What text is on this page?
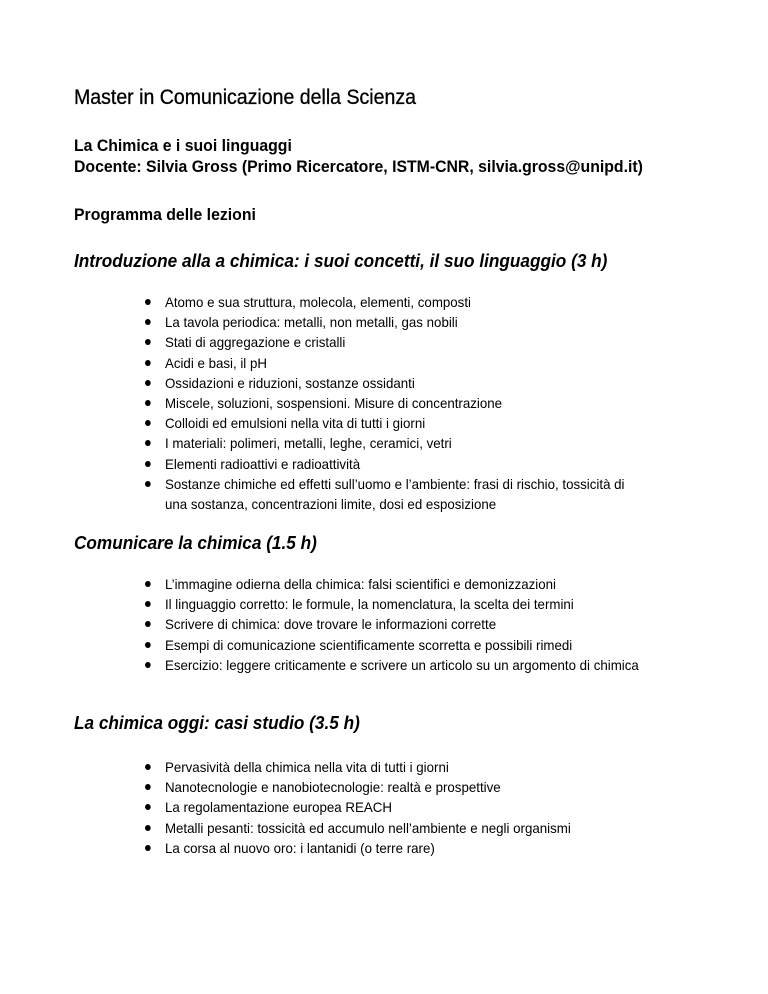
Master in Comunicazione della Scienza
La Chimica e i suoi linguaggi
Docente: Silvia Gross (Primo Ricercatore, ISTM-CNR, silvia.gross@unipd.it)
Programma delle lezioni
Introduzione alla a chimica: i suoi concetti, il suo linguaggio (3 h)
Atomo e sua struttura, molecola, elementi, composti
La tavola periodica: metalli, non metalli, gas nobili
Stati di aggregazione e cristalli
Acidi e basi, il pH
Ossidazioni e riduzioni, sostanze ossidanti
Miscele, soluzioni, sospensioni. Misure di concentrazione
Colloidi ed emulsioni nella vita di tutti i giorni
I materiali: polimeri, metalli, leghe, ceramici, vetri
Elementi radioattivi e radioattività
Sostanze chimiche ed effetti sull’uomo e l’ambiente: frasi di rischio, tossicità di
una sostanza, concentrazioni limite, dosi ed esposizione
Comunicare la chimica (1.5 h)
L’immagine odierna della chimica: falsi scientifici e demonizzazioni
Il linguaggio corretto: le formule, la nomenclatura, la scelta dei termini
Scrivere di chimica: dove trovare le informazioni corrette
Esempi di comunicazione scientificamente scorretta e possibili rimedi
Esercizio: leggere criticamente e scrivere un articolo su un argomento di chimica
La chimica oggi: casi studio (3.5 h)
Pervasività della chimica nella vita di tutti i giorni
Nanotecnologie e nanobiotecnologie: realtà e prospettive
La regolamentazione europea REACH
Metalli pesanti: tossicità ed accumulo nell’ambiente e negli organismi
La corsa al nuovo oro: i lantanidi (o terre rare)
